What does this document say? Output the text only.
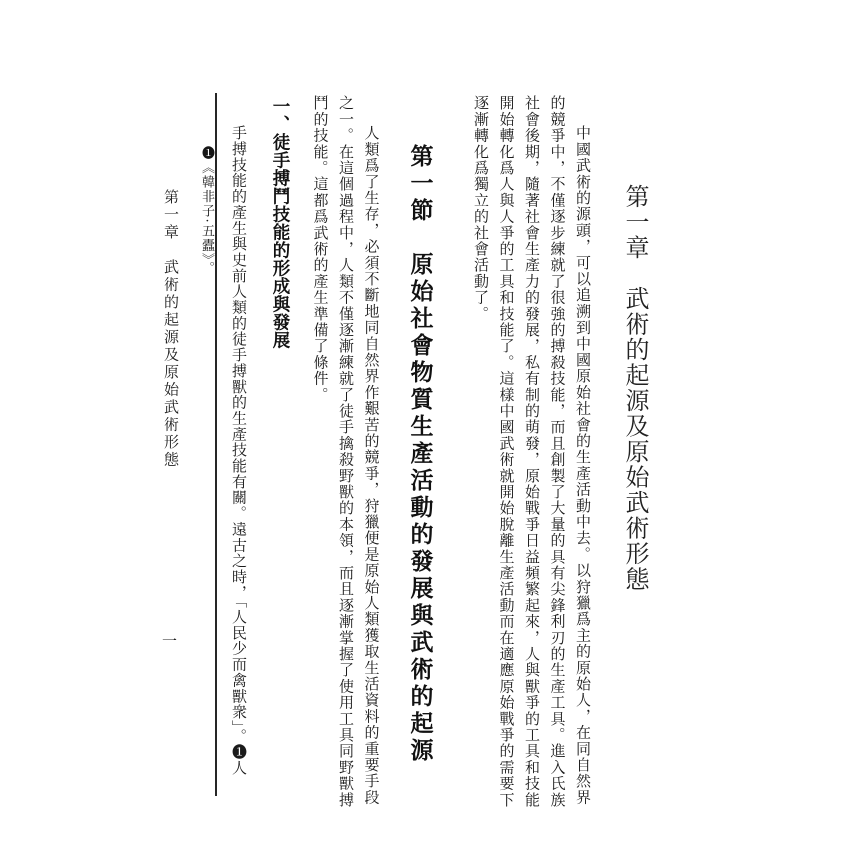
第一章　武術的起源及原始武術形態

中國武術的源頭，可以追溯到中國原始社會的生產活動中去。以狩獵爲主的原始人，在同自然界的競爭中，不僅逐步練就了很強的搏殺技能，而且創製了大量的具有尖鋒利刃的生產工具。進入氏族社會後期，隨著社會生產力的發展，私有制的萌發，原始戰爭日益頻繁起來，人與獸爭的工具和技能開始轉化爲人與人爭的工具和技能了。這樣中國武術就開始脫離生產活動而在適應原始戰爭的需要下逐漸轉化爲獨立的社會活動了。

第一節　原始社會物質生產活動的發展與武術的起源

人類爲了生存，必須不斷地同自然界作艱苦的競爭，狩獵便是原始人類獲取生活資料的重要手段之一。在這個過程中，人類不僅逐漸練就了徒手擒殺野獸的本領，而且逐漸掌握了使用工具同野獸搏鬥的技能。這都爲武術的產生準備了條件。

一、徒手搏鬥技能的形成與發展

手搏技能的產生與史前人類的徒手搏獸的生產技能有關。遠古之時，「人民少而禽獸衆」。❶人

❶《韓非子·五蠹》。
第一章　武術的起源及原始武術形態
一
